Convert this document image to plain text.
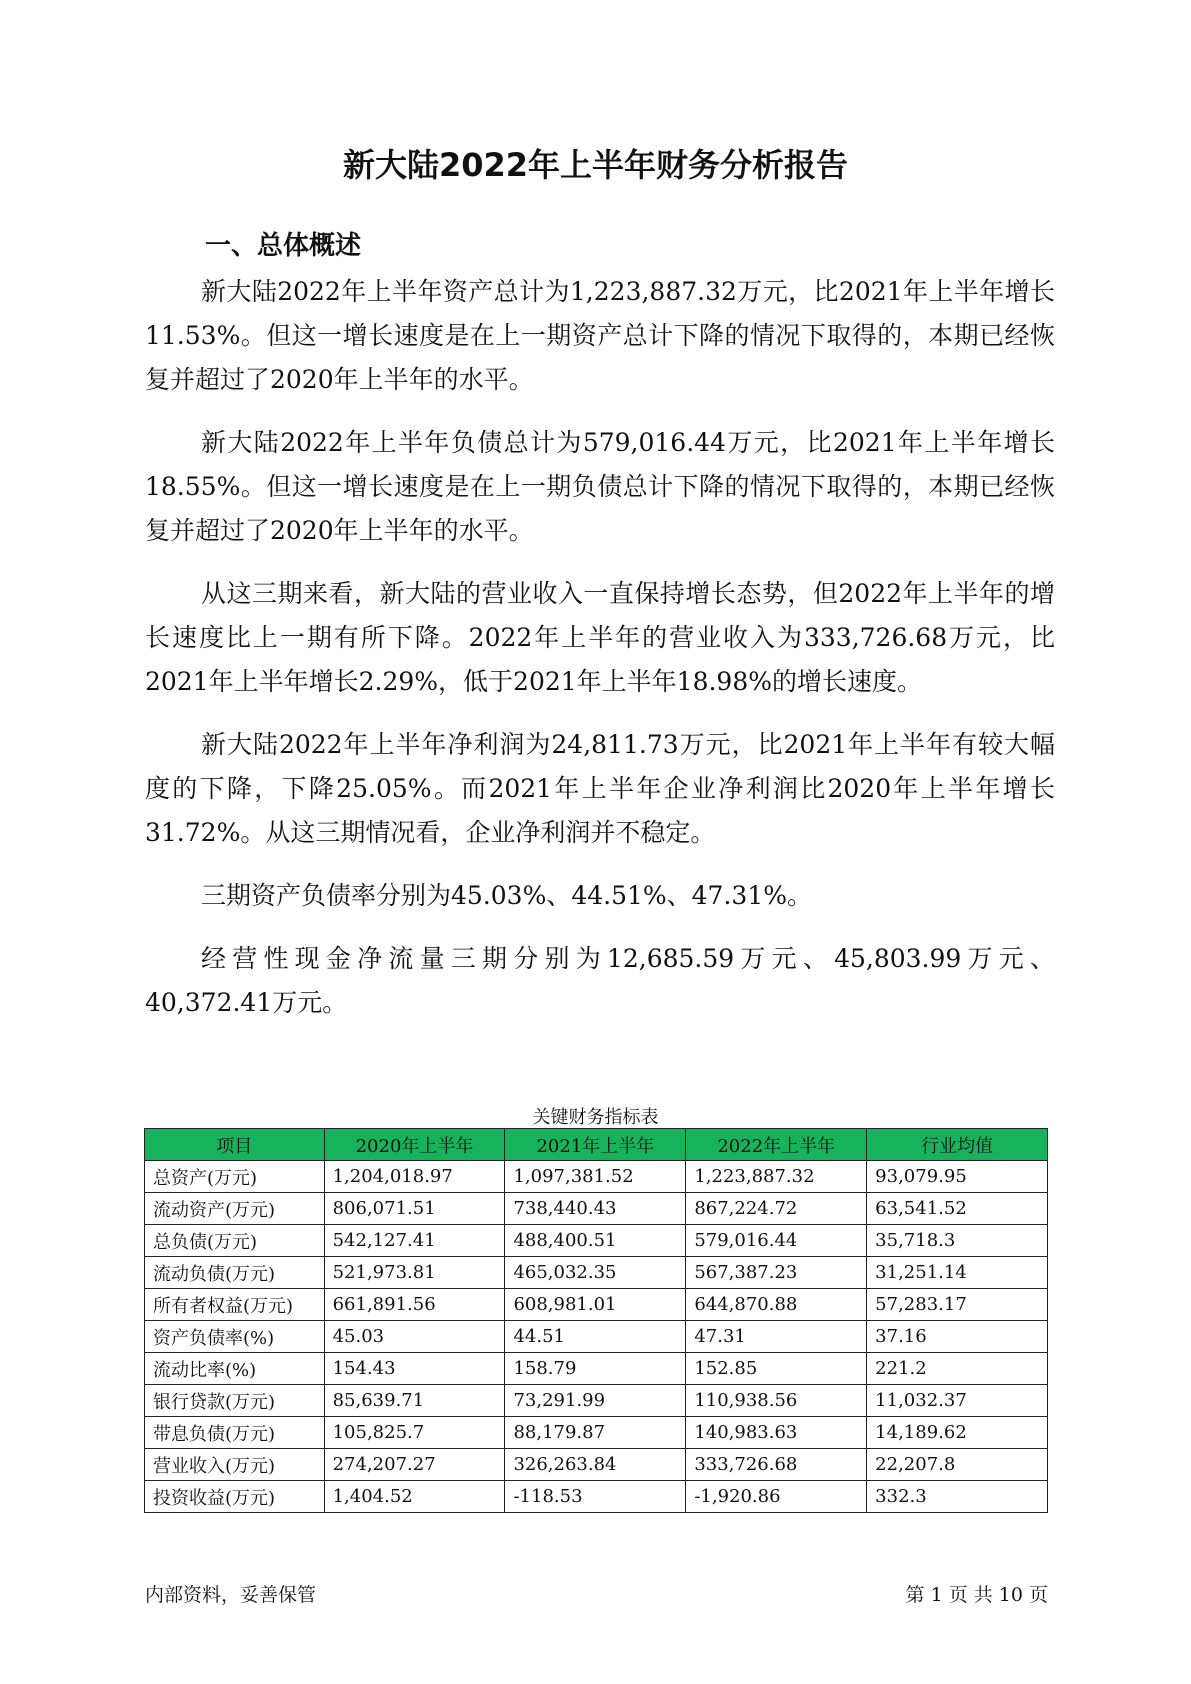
新大陆2022年上半年财务分析报告
一、总体概述

新大陆2022年上半年资产总计为1,223,887.32万元，比2021年上半年增长11.53%。但这一增长速度是在上一期资产总计下降的情况下取得的，本期已经恢复并超过了2020年上半年的水平。

新大陆2022年上半年负债总计为579,016.44万元，比2021年上半年增长18.55%。但这一增长速度是在上一期负债总计下降的情况下取得的，本期已经恢复并超过了2020年上半年的水平。

从这三期来看，新大陆的营业收入一直保持增长态势，但2022年上半年的增长速度比上一期有所下降。2022年上半年的营业收入为333,726.68万元，比2021年上半年增长2.29%，低于2021年上半年18.98%的增长速度。

新大陆2022年上半年净利润为24,811.73万元，比2021年上半年有较大幅度的下降，下降25.05%。而2021年上半年企业净利润比2020年上半年增长31.72%。从这三期情况看，企业净利润并不稳定。

三期资产负债率分别为45.03%、44.51%、47.31%。

经营性现金净流量三期分别为12,685.59万元、45,803.99万元、40,372.41万元。

关键财务指标表
项目	2020年上半年	2021年上半年	2022年上半年	行业均值
总资产(万元)	1,204,018.97	1,097,381.52	1,223,887.32	93,079.95
流动资产(万元)	806,071.51	738,440.43	867,224.72	63,541.52
总负债(万元)	542,127.41	488,400.51	579,016.44	35,718.3
流动负债(万元)	521,973.81	465,032.35	567,387.23	31,251.14
所有者权益(万元)	661,891.56	608,981.01	644,870.88	57,283.17
资产负债率(%)	45.03	44.51	47.31	37.16
流动比率(%)	154.43	158.79	152.85	221.2
银行贷款(万元)	85,639.71	73,291.99	110,938.56	11,032.37
带息负债(万元)	105,825.7	88,179.87	140,983.63	14,189.62
营业收入(万元)	274,207.27	326,263.84	333,726.68	22,207.8
投资收益(万元)	1,404.52	-118.53	-1,920.86	332.3
内部资料，妥善保管	第 1 页 共 10 页
